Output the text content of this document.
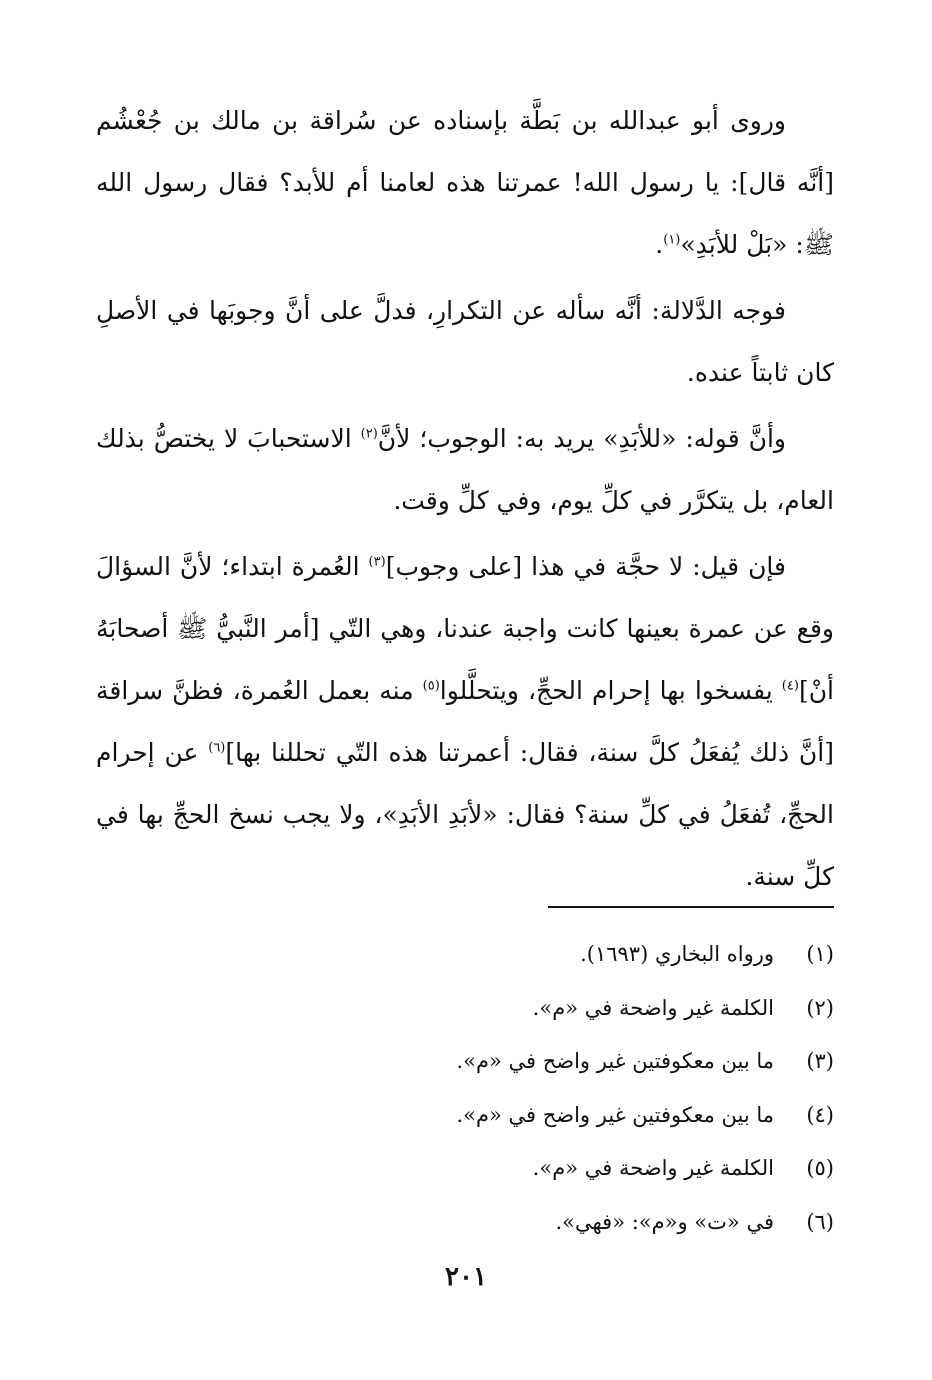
وروى أبو عبدالله بن بَطَّة بإسناده عن سُراقة بن مالك بن جُعْشُم [أنَّه قال]: يا رسول الله! عمرتنا هذه لعامنا أم للأبد؟ فقال رسول الله ﷺ: «بَلْ للأبَدِ»$^{(١)}$.

فوجه الدَّلالة: أنَّه سأله عن التكرارِ، فدلَّ على أنَّ وجوبَها في الأصلِ كان ثابتاً عنده.

وأنَّ قوله: «للأبَدِ» يريد به: الوجوب؛ لأنَّ$^{(٢)}$ الاستحبابَ لا يختصُّ بذلك العام، بل يتكرَّر في كلِّ يوم، وفي كلِّ وقت.

فإن قيل: لا حجَّة في هذا [على وجوب]$^{(٣)}$ العُمرة ابتداء؛ لأنَّ السؤالَ وقع عن عمرة بعينها كانت واجبة عندنا، وهي التّي [أمر النَّبيُّ ﷺ أصحابَهُ أنْ]$^{(٤)}$ يفسخوا بها إحرام الحجِّ، ويتحلَّلوا$^{(٥)}$ منه بعمل العُمرة، فظنَّ سراقة [أنَّ ذلك يُفعَلُ كلَّ سنة، فقال: أعمرتنا هذه التّي تحللنا بها]$^{(٦)}$ عن إحرام الحجِّ، تُفعَلُ في كلِّ سنة؟ فقال: «لأبَدِ الأبَدِ»، ولا يجب نسخ الحجِّ بها في كلِّ سنة.

(١)ورواه البخاري (١٦٩٣).
(٢)الكلمة غير واضحة في «م».
(٣)ما بين معكوفتين غير واضح في «م».
(٤)ما بين معكوفتين غير واضح في «م».
(٥)الكلمة غير واضحة في «م».
(٦)في «ت» و«م»: «فهي».
٢٠١
